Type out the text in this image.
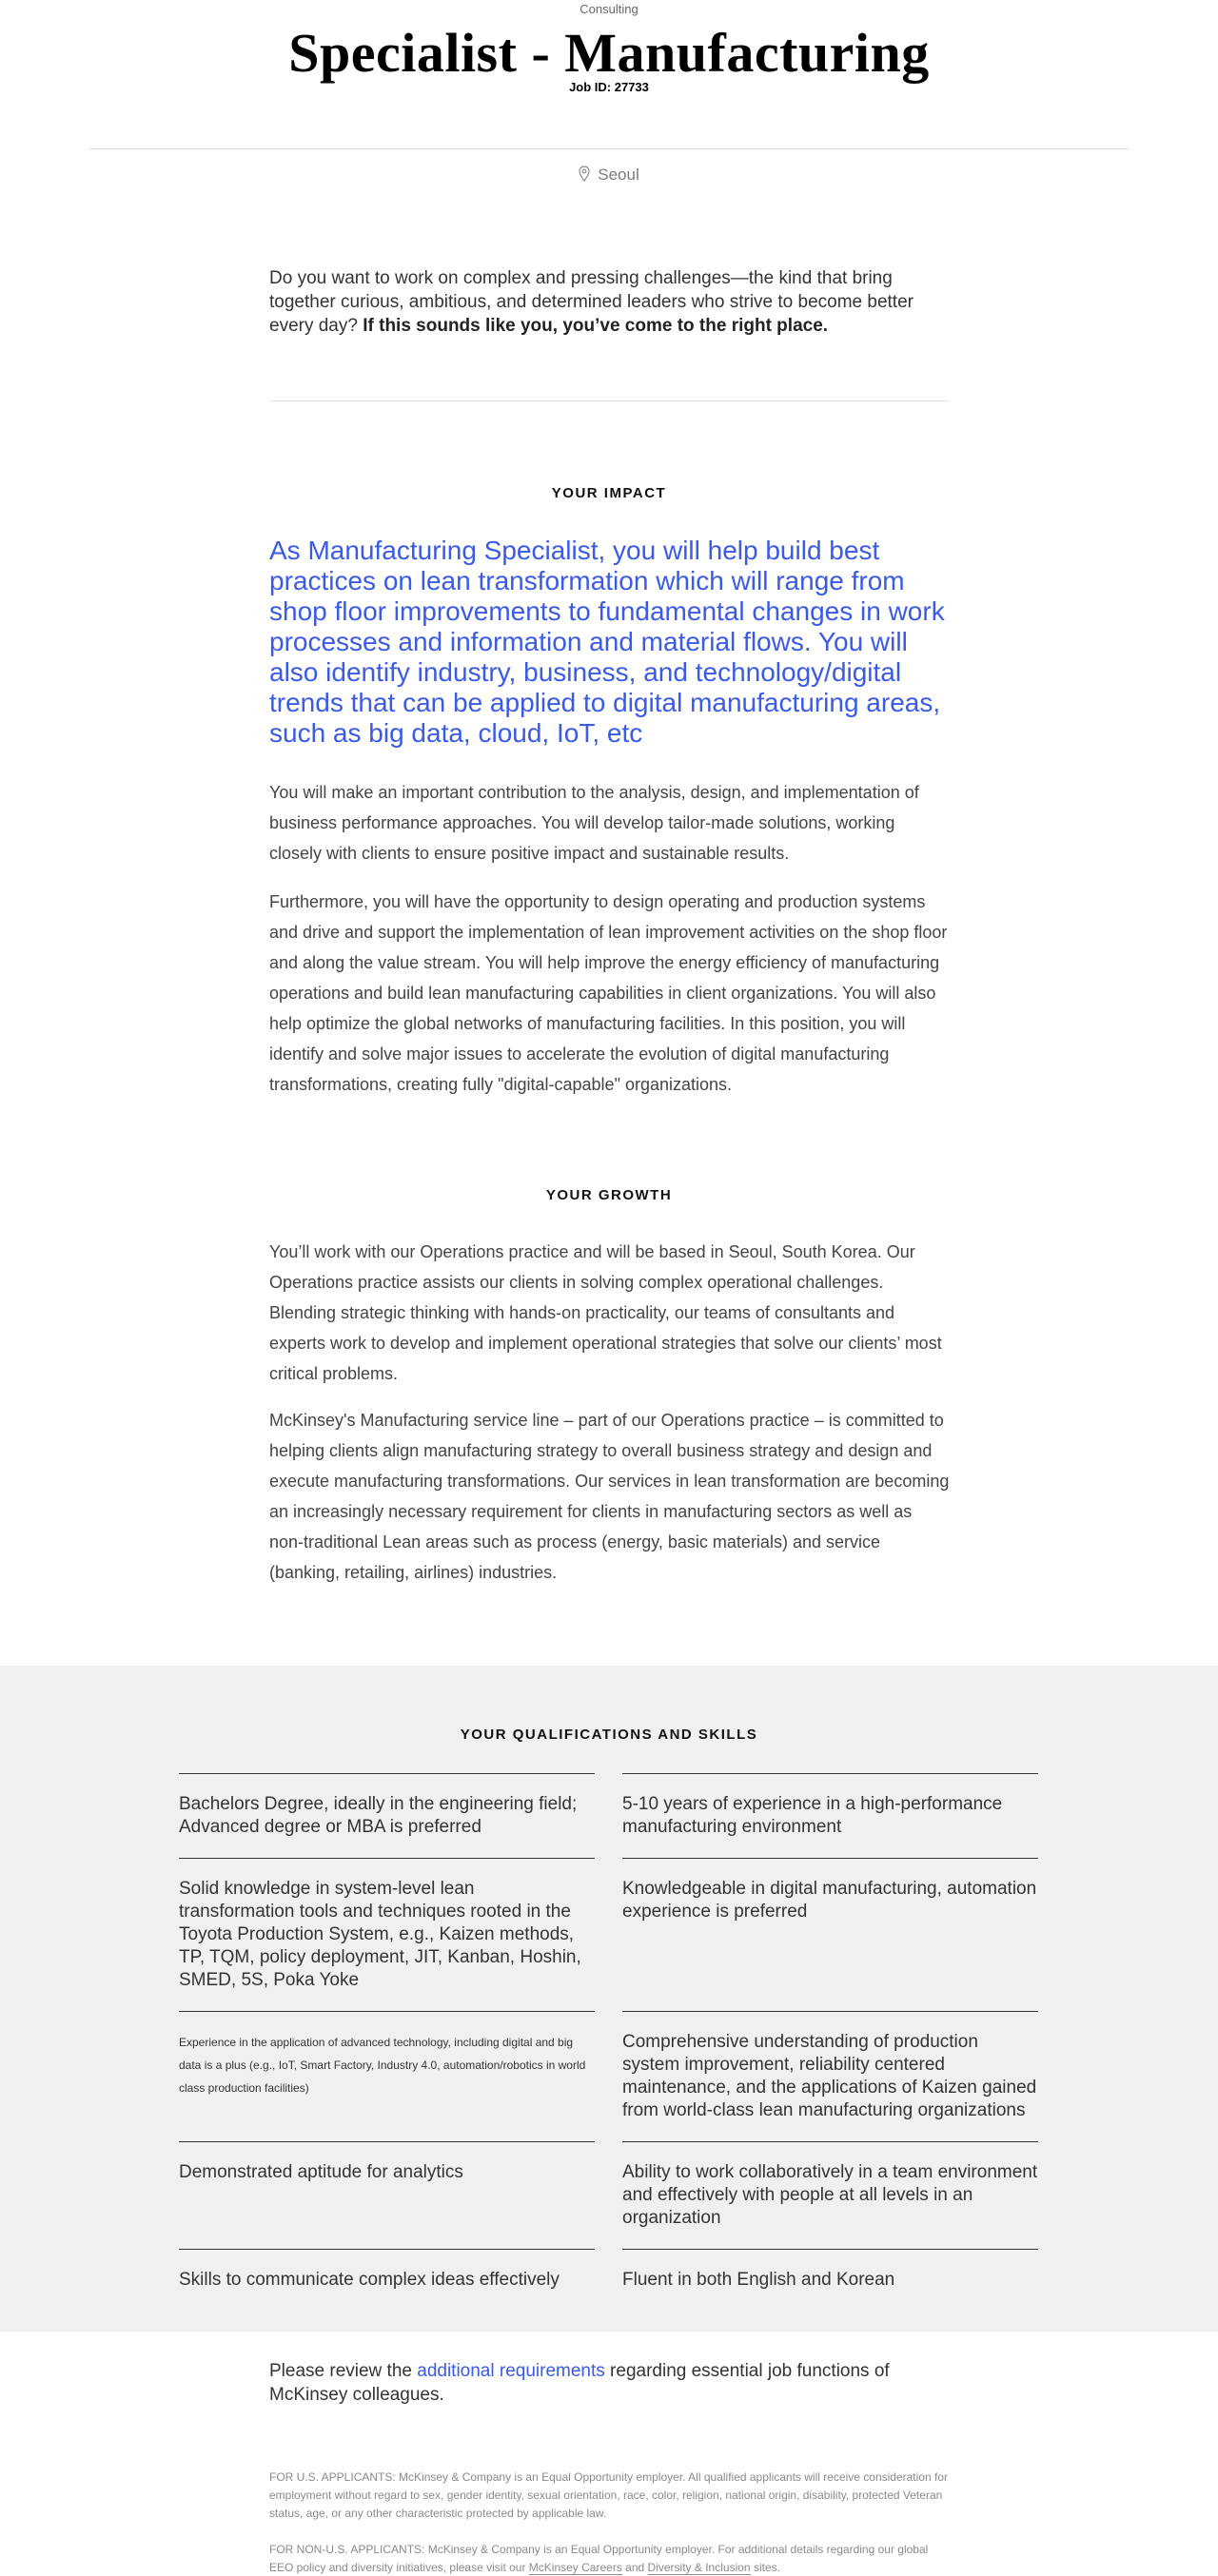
Consulting
Specialist - Manufacturing
Job ID: 27733
Seoul
Do you want to work on complex and pressing challenges—the kind that bring together curious, ambitious, and determined leaders who strive to become better every day? If this sounds like you, you’ve come to the right place.
YOUR IMPACT

As Manufacturing Specialist, you will help build best practices on lean transformation which will range from shop floor improvements to fundamental changes in work processes and information and material flows. You will also identify industry, business, and technology/digital trends that can be applied to digital manufacturing areas, such as big data, cloud, IoT, etc

You will make an important contribution to the analysis, design, and implementation of business performance approaches. You will develop tailor-made solutions, working closely with clients to ensure positive impact and sustainable results.

Furthermore, you will have the opportunity to design operating and production systems and drive and support the implementation of lean improvement activities on the shop floor and along the value stream. You will help improve the energy efficiency of manufacturing operations and build lean manufacturing capabilities in client organizations. You will also help optimize the global networks of manufacturing facilities. In this position, you will identify and solve major issues to accelerate the evolution of digital manufacturing transformations, creating fully "digital-capable" organizations.

YOUR GROWTH

You’ll work with our Operations practice and will be based in Seoul, South Korea. Our Operations practice assists our clients in solving complex operational challenges. Blending strategic thinking with hands-on practicality, our teams of consultants and experts work to develop and implement operational strategies that solve our clients’ most critical problems.

McKinsey's Manufacturing service line – part of our Operations practice – is committed to helping clients align manufacturing strategy to overall business strategy and design and execute manufacturing transformations. Our services in lean transformation are becoming an increasingly necessary requirement for clients in manufacturing sectors as well as non-traditional Lean areas such as process (energy, basic materials) and service (banking, retailing, airlines) industries.

YOUR QUALIFICATIONS AND SKILLS
Bachelors Degree, ideally in the engineering field; Advanced degree or MBA is preferred
5-10 years of experience in a high-performance manufacturing environment
Solid knowledge in system-level lean transformation tools and techniques rooted in the Toyota Production System, e.g., Kaizen methods, TP, TQM, policy deployment, JIT, Kanban, Hoshin, SMED, 5S, Poka Yoke
Knowledgeable in digital manufacturing, automation experience is preferred
Experience in the application of advanced technology, including digital and big data is a plus (e.g., IoT, Smart Factory, Industry 4.0, automation/robotics in world class production facilities)
Comprehensive understanding of production system improvement, reliability centered maintenance, and the applications of Kaizen gained from world-class lean manufacturing organizations
Demonstrated aptitude for analytics	Ability to work collaboratively in a team environment and effectively with people at all levels in an organization
Skills to communicate complex ideas effectively	Fluent in both English and Korean

Please review the additional requirements regarding essential job functions of McKinsey colleagues.

FOR U.S. APPLICANTS: McKinsey & Company is an Equal Opportunity employer. All qualified applicants will receive consideration for employment without regard to sex, gender identity, sexual orientation, race, color, religion, national origin, disability, protected Veteran status, age, or any other characteristic protected by applicable law.

FOR NON-U.S. APPLICANTS: McKinsey & Company is an Equal Opportunity employer. For additional details regarding our global EEO policy and diversity initiatives, please visit our McKinsey Careers and Diversity & Inclusion sites.
